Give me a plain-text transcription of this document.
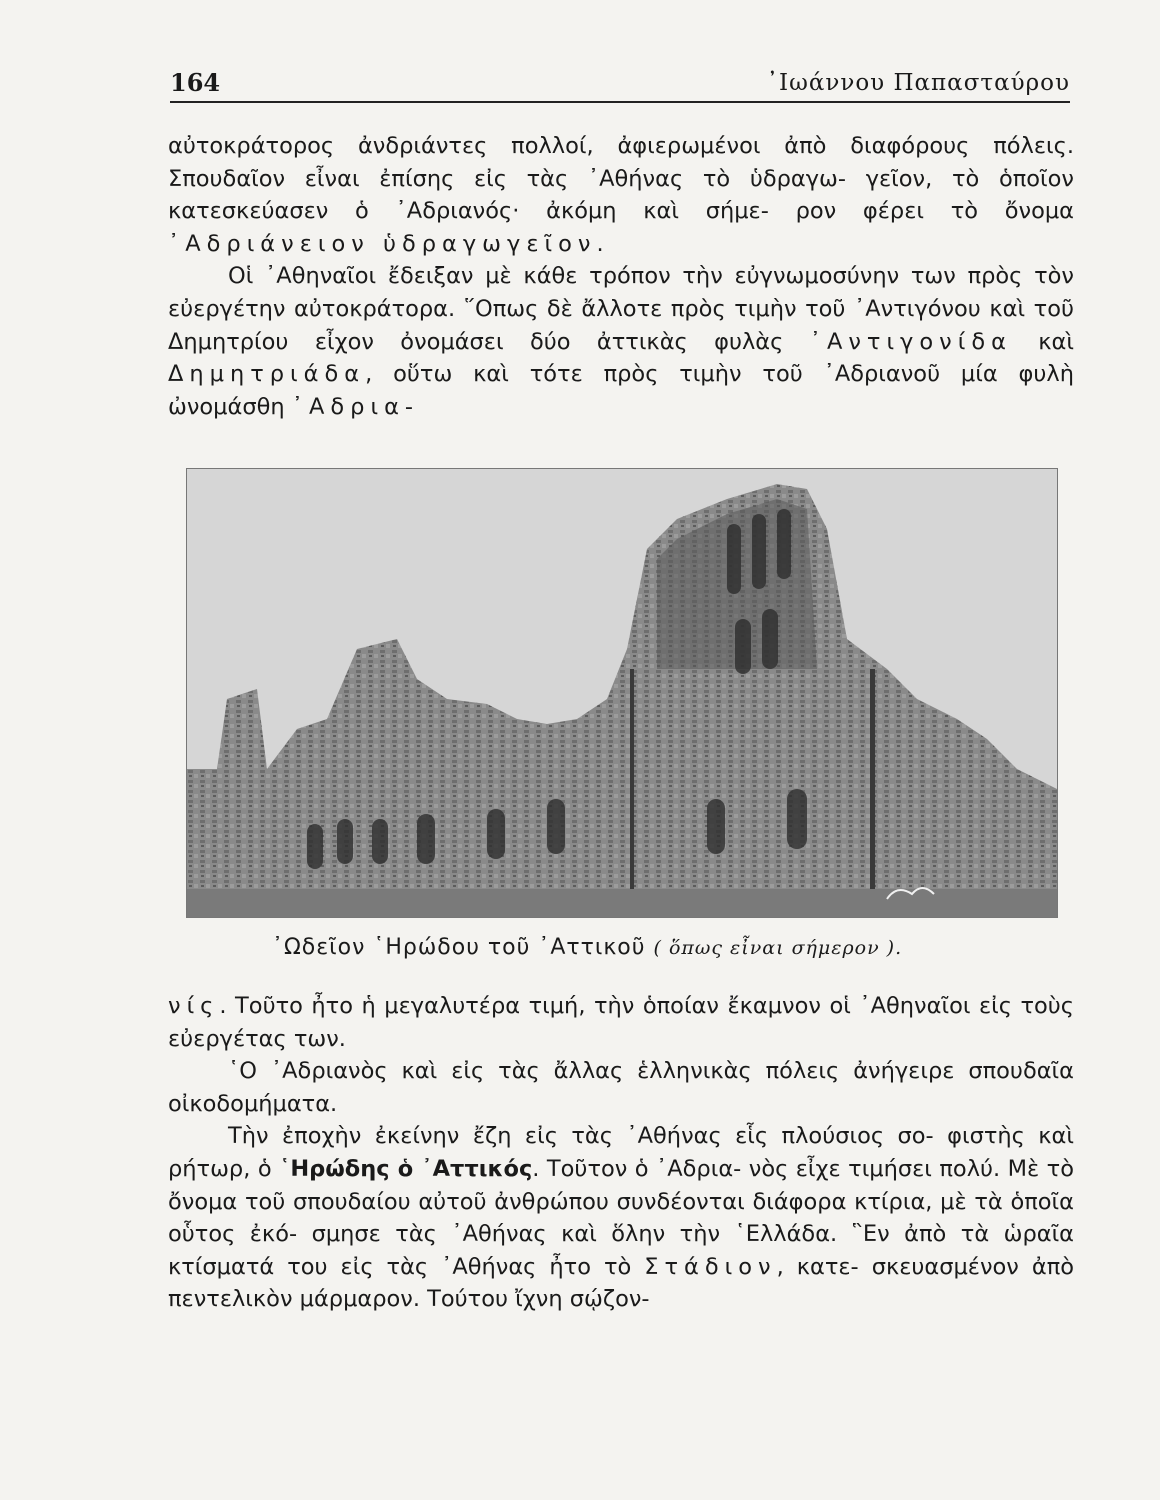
164	᾽Ιωάννου Παπασταύρου

αὐτοκράτορος ἀνδριάντες πολλοί, ἀφιερωμένοι ἀπὸ διαφόρους πόλεις. Σπουδαῖον εἶναι ἐπίσης εἰς τὰς ᾽Αθήνας τὸ ὑδραγω- γεῖον, τὸ ὁποῖον κατεσκεύασεν ὁ ᾽Αδριανός· ἀκόμη καὶ σήμε- ρον φέρει τὸ ὄνομα ᾽Αδριάνειον ὑδραγωγεῖον.

Οἱ ᾽Αθηναῖοι ἔδειξαν μὲ κάθε τρόπον τὴν εὐγνωμοσύνην των πρὸς τὸν εὐεργέτην αὐτοκράτορα. ῞Οπως δὲ ἄλλοτε πρὸς τιμὴν τοῦ ᾽Αντιγόνου καὶ τοῦ Δημητρίου εἶχον ὀνομάσει δύο ἀττικὰς φυλὰς ᾽Αντιγονίδα καὶ Δημητριάδα, οὕτω καὶ τότε πρὸς τιμὴν τοῦ ᾽Αδριανοῦ μία φυλὴ ὠνομάσθη ᾽Αδρια-

᾽Ωδεῖον ῾Ηρώδου τοῦ ᾽Αττικοῦ ( ὅπως εἶναι σήμερον ).

νίς. Τοῦτο ἦτο ἡ μεγαλυτέρα τιμή, τὴν ὁποίαν ἔκαμνον οἱ ᾽Αθηναῖοι εἰς τοὺς εὐεργέτας των.

῾Ο ᾽Αδριανὸς καὶ εἰς τὰς ἄλλας ἑλληνικὰς πόλεις ἀνήγειρε σπουδαῖα οἰκοδομήματα.

Τὴν ἐποχὴν ἐκείνην ἔζη εἰς τὰς ᾽Αθήνας εἷς πλούσιος σο- φιστὴς καὶ ρήτωρ, ὁ ῾Ηρώδης ὁ ᾽Αττικός. Τοῦτον ὁ ᾽Αδρια- νὸς εἶχε τιμήσει πολύ. Μὲ τὸ ὄνομα τοῦ σπουδαίου αὐτοῦ ἀνθρώπου συνδέονται διάφορα κτίρια, μὲ τὰ ὁποῖα οὗτος ἐκό- σμησε τὰς ᾽Αθήνας καὶ ὅλην τὴν ῾Ελλάδα. ῝Εν ἀπὸ τὰ ὡραῖα κτίσματά του εἰς τὰς ᾽Αθήνας ἦτο τὸ Στάδιον, κατε- σκευασμένον ἀπὸ πεντελικὸν μάρμαρον. Τούτου ἴχνη σῴζον-
